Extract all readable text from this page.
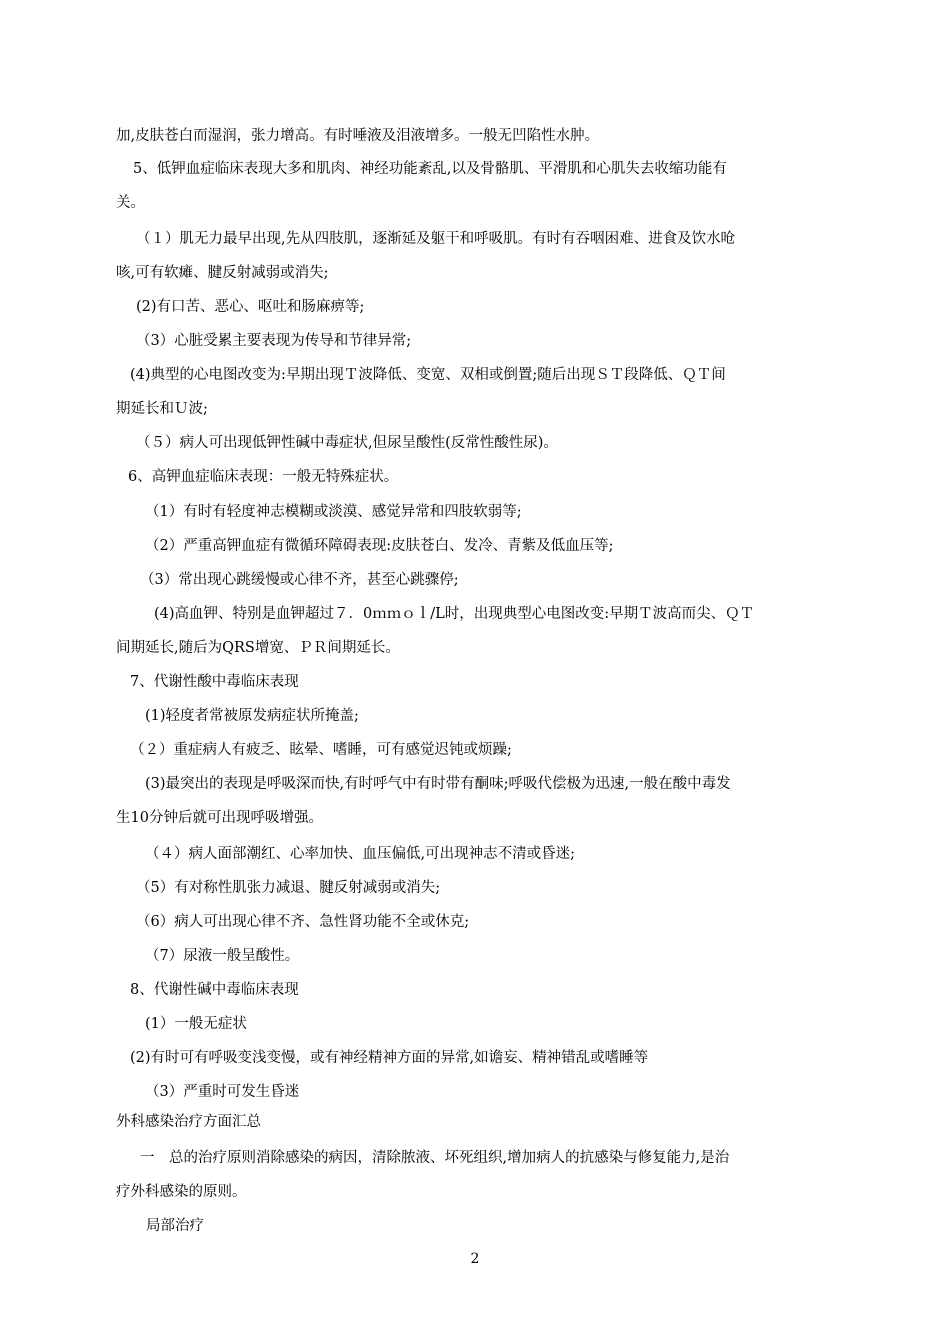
加,皮肤苍白而湿润，张力增高。有时唾液及泪液增多。一般无凹陷性水肿。
5、低钾血症临床表现大多和肌肉、神经功能紊乱,以及骨骼肌、平滑肌和心肌失去收缩功能有
关。
（１）肌无力最早出现,先从四肢肌，逐渐延及躯干和呼吸肌。有时有吞咽困难、进食及饮水呛
咳,可有软瘫、腱反射减弱或消失;
(2)有口苦、恶心、呕吐和肠麻痹等;
（3）心脏受累主要表现为传导和节律异常;
(4)典型的心电图改变为:早期出现Ｔ波降低、变宽、双相或倒置;随后出现ＳＴ段降低、ＱＴ间
期延长和Ｕ波;
（５）病人可出现低钾性碱中毒症状,但尿呈酸性(反常性酸性尿)。
6、高钾血症临床表现：一般无特殊症状。
（1）有时有轻度神志模糊或淡漠、感觉异常和四肢软弱等;
（2）严重高钾血症有微循环障碍表现:皮肤苍白、发冷、青紫及低血压等;
（3）常出现心跳缓慢或心律不齐，甚至心跳骤停;
(4)高血钾、特别是血钾超过７．0ｍｍｏｌ/L时，出现典型心电图改变:早期Ｔ波高而尖、ＱＴ
间期延长,随后为QRS增宽、ＰＲ间期延长。
7、代谢性酸中毒临床表现
(1)轻度者常被原发病症状所掩盖;
（２）重症病人有疲乏、眩晕、嗜睡，可有感觉迟钝或烦躁;
(3)最突出的表现是呼吸深而快,有时呼气中有时带有酮味;呼吸代偿极为迅速,一般在酸中毒发
生10分钟后就可出现呼吸增强。
（４）病人面部潮红、心率加快、血压偏低,可出现神志不清或昏迷;
（5）有对称性肌张力减退、腱反射减弱或消失;
（6）病人可出现心律不齐、急性肾功能不全或休克;
（7）尿液一般呈酸性。
8、代谢性碱中毒临床表现
(1）一般无症状
(2)有时可有呼吸变浅变慢，或有神经精神方面的异常,如谵妄、精神错乱或嗜睡等
（3）严重时可发生昏迷
外科感染治疗方面汇总
一　总的治疗原则消除感染的病因，清除脓液、坏死组织,增加病人的抗感染与修复能力,是治
疗外科感染的原则。
局部治疗
2
